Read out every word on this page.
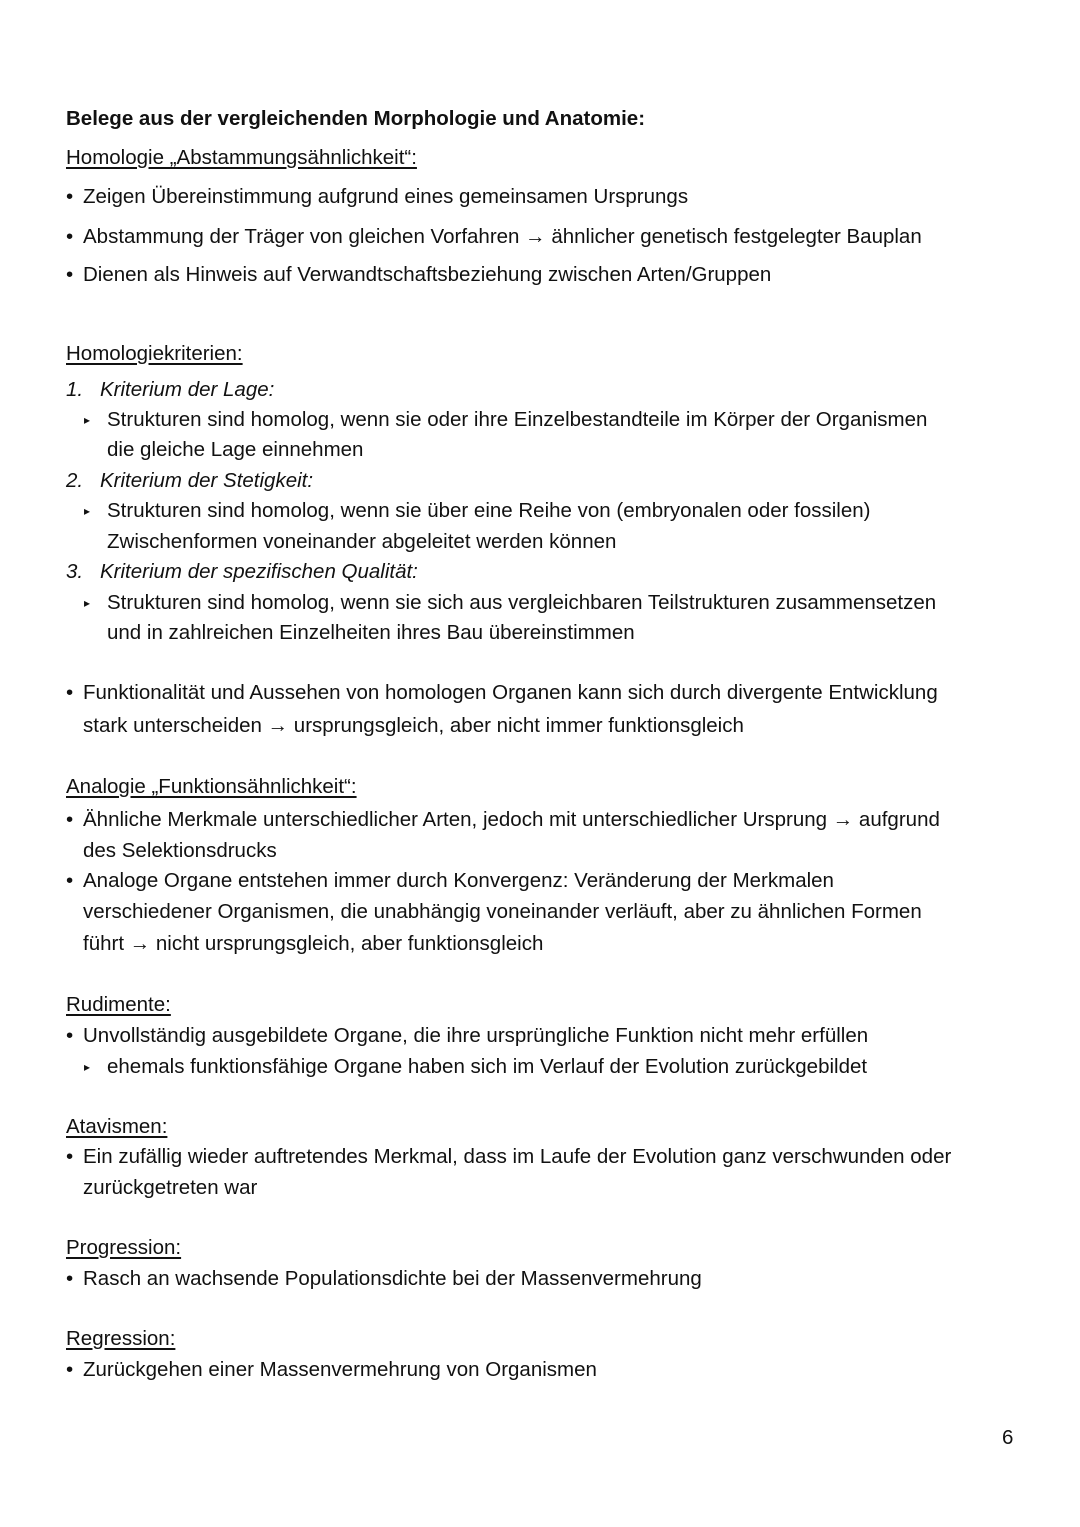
Belege aus der vergleichenden Morphologie und Anatomie:
Homologie „Abstammungsähnlichkeit“:
• Zeigen Übereinstimmung aufgrund eines gemeinsamen Ursprungs
• Abstammung der Träger von gleichen Vorfahren → ähnlicher genetisch festgelegter Bauplan
• Dienen als Hinweis auf Verwandtschaftsbeziehung zwischen Arten/Gruppen
Homologiekriterien:
1. Kriterium der Lage:
▸ Strukturen sind homolog, wenn sie oder ihre Einzelbestandteile im Körper der Organismen
die gleiche Lage einnehmen
2. Kriterium der Stetigkeit:
▸ Strukturen sind homolog, wenn sie über eine Reihe von (embryonalen oder fossilen)
Zwischenformen voneinander abgeleitet werden können
3. Kriterium der spezifischen Qualität:
▸ Strukturen sind homolog, wenn sie sich aus vergleichbaren Teilstrukturen zusammensetzen
und in zahlreichen Einzelheiten ihres Bau übereinstimmen
• Funktionalität und Aussehen von homologen Organen kann sich durch divergente Entwicklung
stark unterscheiden → ursprungsgleich, aber nicht immer funktionsgleich
Analogie „Funktionsähnlichkeit“:
• Ähnliche Merkmale unterschiedlicher Arten, jedoch mit unterschiedlicher Ursprung → aufgrund
des Selektionsdrucks
• Analoge Organe entstehen immer durch Konvergenz: Veränderung der Merkmalen
verschiedener Organismen, die unabhängig voneinander verläuft, aber zu ähnlichen Formen
führt → nicht ursprungsgleich, aber funktionsgleich
Rudimente:
• Unvollständig ausgebildete Organe, die ihre ursprüngliche Funktion nicht mehr erfüllen
▸ ehemals funktionsfähige Organe haben sich im Verlauf der Evolution zurückgebildet
Atavismen:
• Ein zufällig wieder auftretendes Merkmal, dass im Laufe der Evolution ganz verschwunden oder
zurückgetreten war
Progression:
• Rasch an wachsende Populationsdichte bei der Massenvermehrung
Regression:
• Zurückgehen einer Massenvermehrung von Organismen
6
